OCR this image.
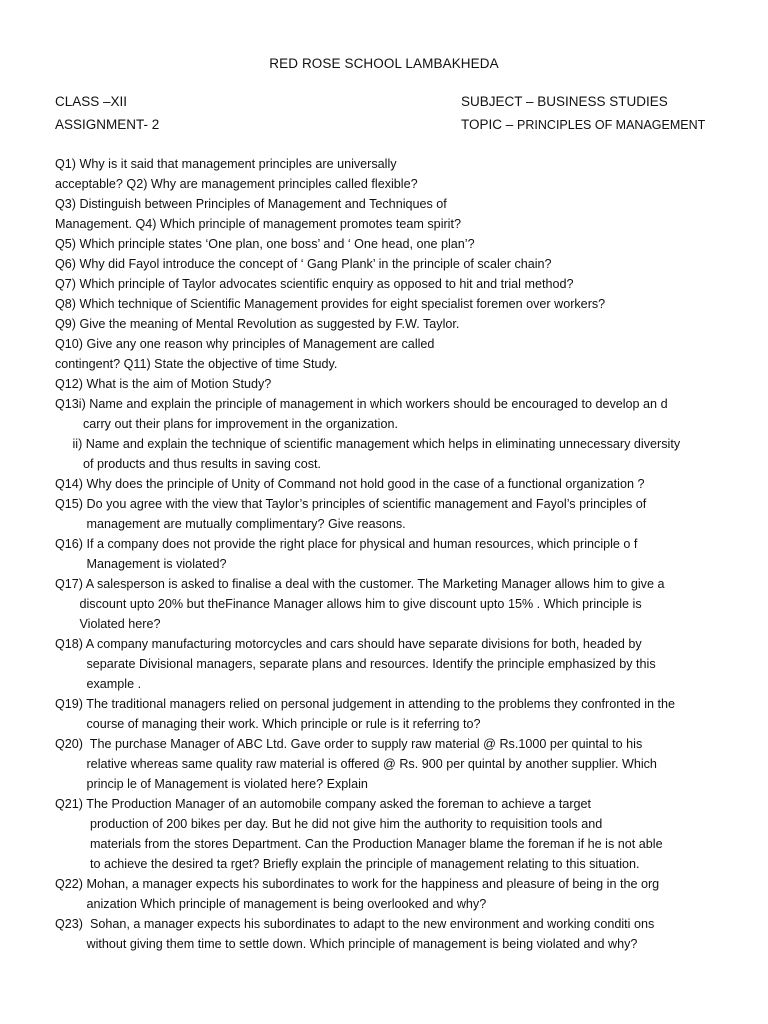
RED ROSE SCHOOL LAMBAKHEDA
CLASS –XII
ASSIGNMENT- 2
SUBJECT – BUSINESS STUDIES
TOPIC – PRINCIPLES OF MANAGEMENT
Q1) Why is it said that management principles are universally
acceptable? Q2) Why are management principles called flexible?
Q3) Distinguish between Principles of Management and Techniques of
Management. Q4) Which principle of management promotes team spirit?
Q5) Which principle states ‘One plan, one boss’ and ‘ One head, one plan’?
Q6) Why did Fayol introduce the concept of ‘ Gang Plank’ in the principle of scaler chain?
Q7) Which principle of Taylor advocates scientific enquiry as opposed to hit and trial method?
Q8) Which technique of Scientific Management provides for eight specialist foremen over workers?
Q9) Give the meaning of Mental Revolution as suggested by F.W. Taylor.
Q10) Give any one reason why principles of Management are called
contingent? Q11) State the objective of time Study.
Q12) What is the aim of Motion Study?
Q13i) Name and explain the principle of management in which workers should be encouraged to develop an d
carry out their plans for improvement in the organization.
ii) Name and explain the technique of scientific management which helps in eliminating unnecessary diversity
of products and thus results in saving cost.
Q14) Why does the principle of Unity of Command not hold good in the case of a functional organization ?
Q15) Do you agree with the view that Taylor’s principles of scientific management and Fayol’s principles of
management are mutually complimentary? Give reasons.
Q16) If a company does not provide the right place for physical and human resources, which principle o f
Management is violated?
Q17) A salesperson is asked to finalise a deal with the customer. The Marketing Manager allows him to give a
discount upto 20% but theFinance Manager allows him to give discount upto 15% . Which principle is
Violated here?
Q18) A company manufacturing motorcycles and cars should have separate divisions for both, headed by
separate Divisional managers, separate plans and resources. Identify the principle emphasized by this
example .
Q19) The traditional managers relied on personal judgement in attending to the problems they confronted in the
course of managing their work. Which principle or rule is it referring to?
Q20)  The purchase Manager of ABC Ltd. Gave order to supply raw material @ Rs.1000 per quintal to his
relative whereas same quality raw material is offered @ Rs. 900 per quintal by another supplier. Which
princip le of Management is violated here? Explain
Q21) The Production Manager of an automobile company asked the foreman to achieve a target
production of 200 bikes per day. But he did not give him the authority to requisition tools and
materials from the stores Department. Can the Production Manager blame the foreman if he is not able
to achieve the desired ta rget? Briefly explain the principle of management relating to this situation.
Q22) Mohan, a manager expects his subordinates to work for the happiness and pleasure of being in the org
anization Which principle of management is being overlooked and why?
Q23)  Sohan, a manager expects his subordinates to adapt to the new environment and working conditi ons
without giving them time to settle down. Which principle of management is being violated and why?
